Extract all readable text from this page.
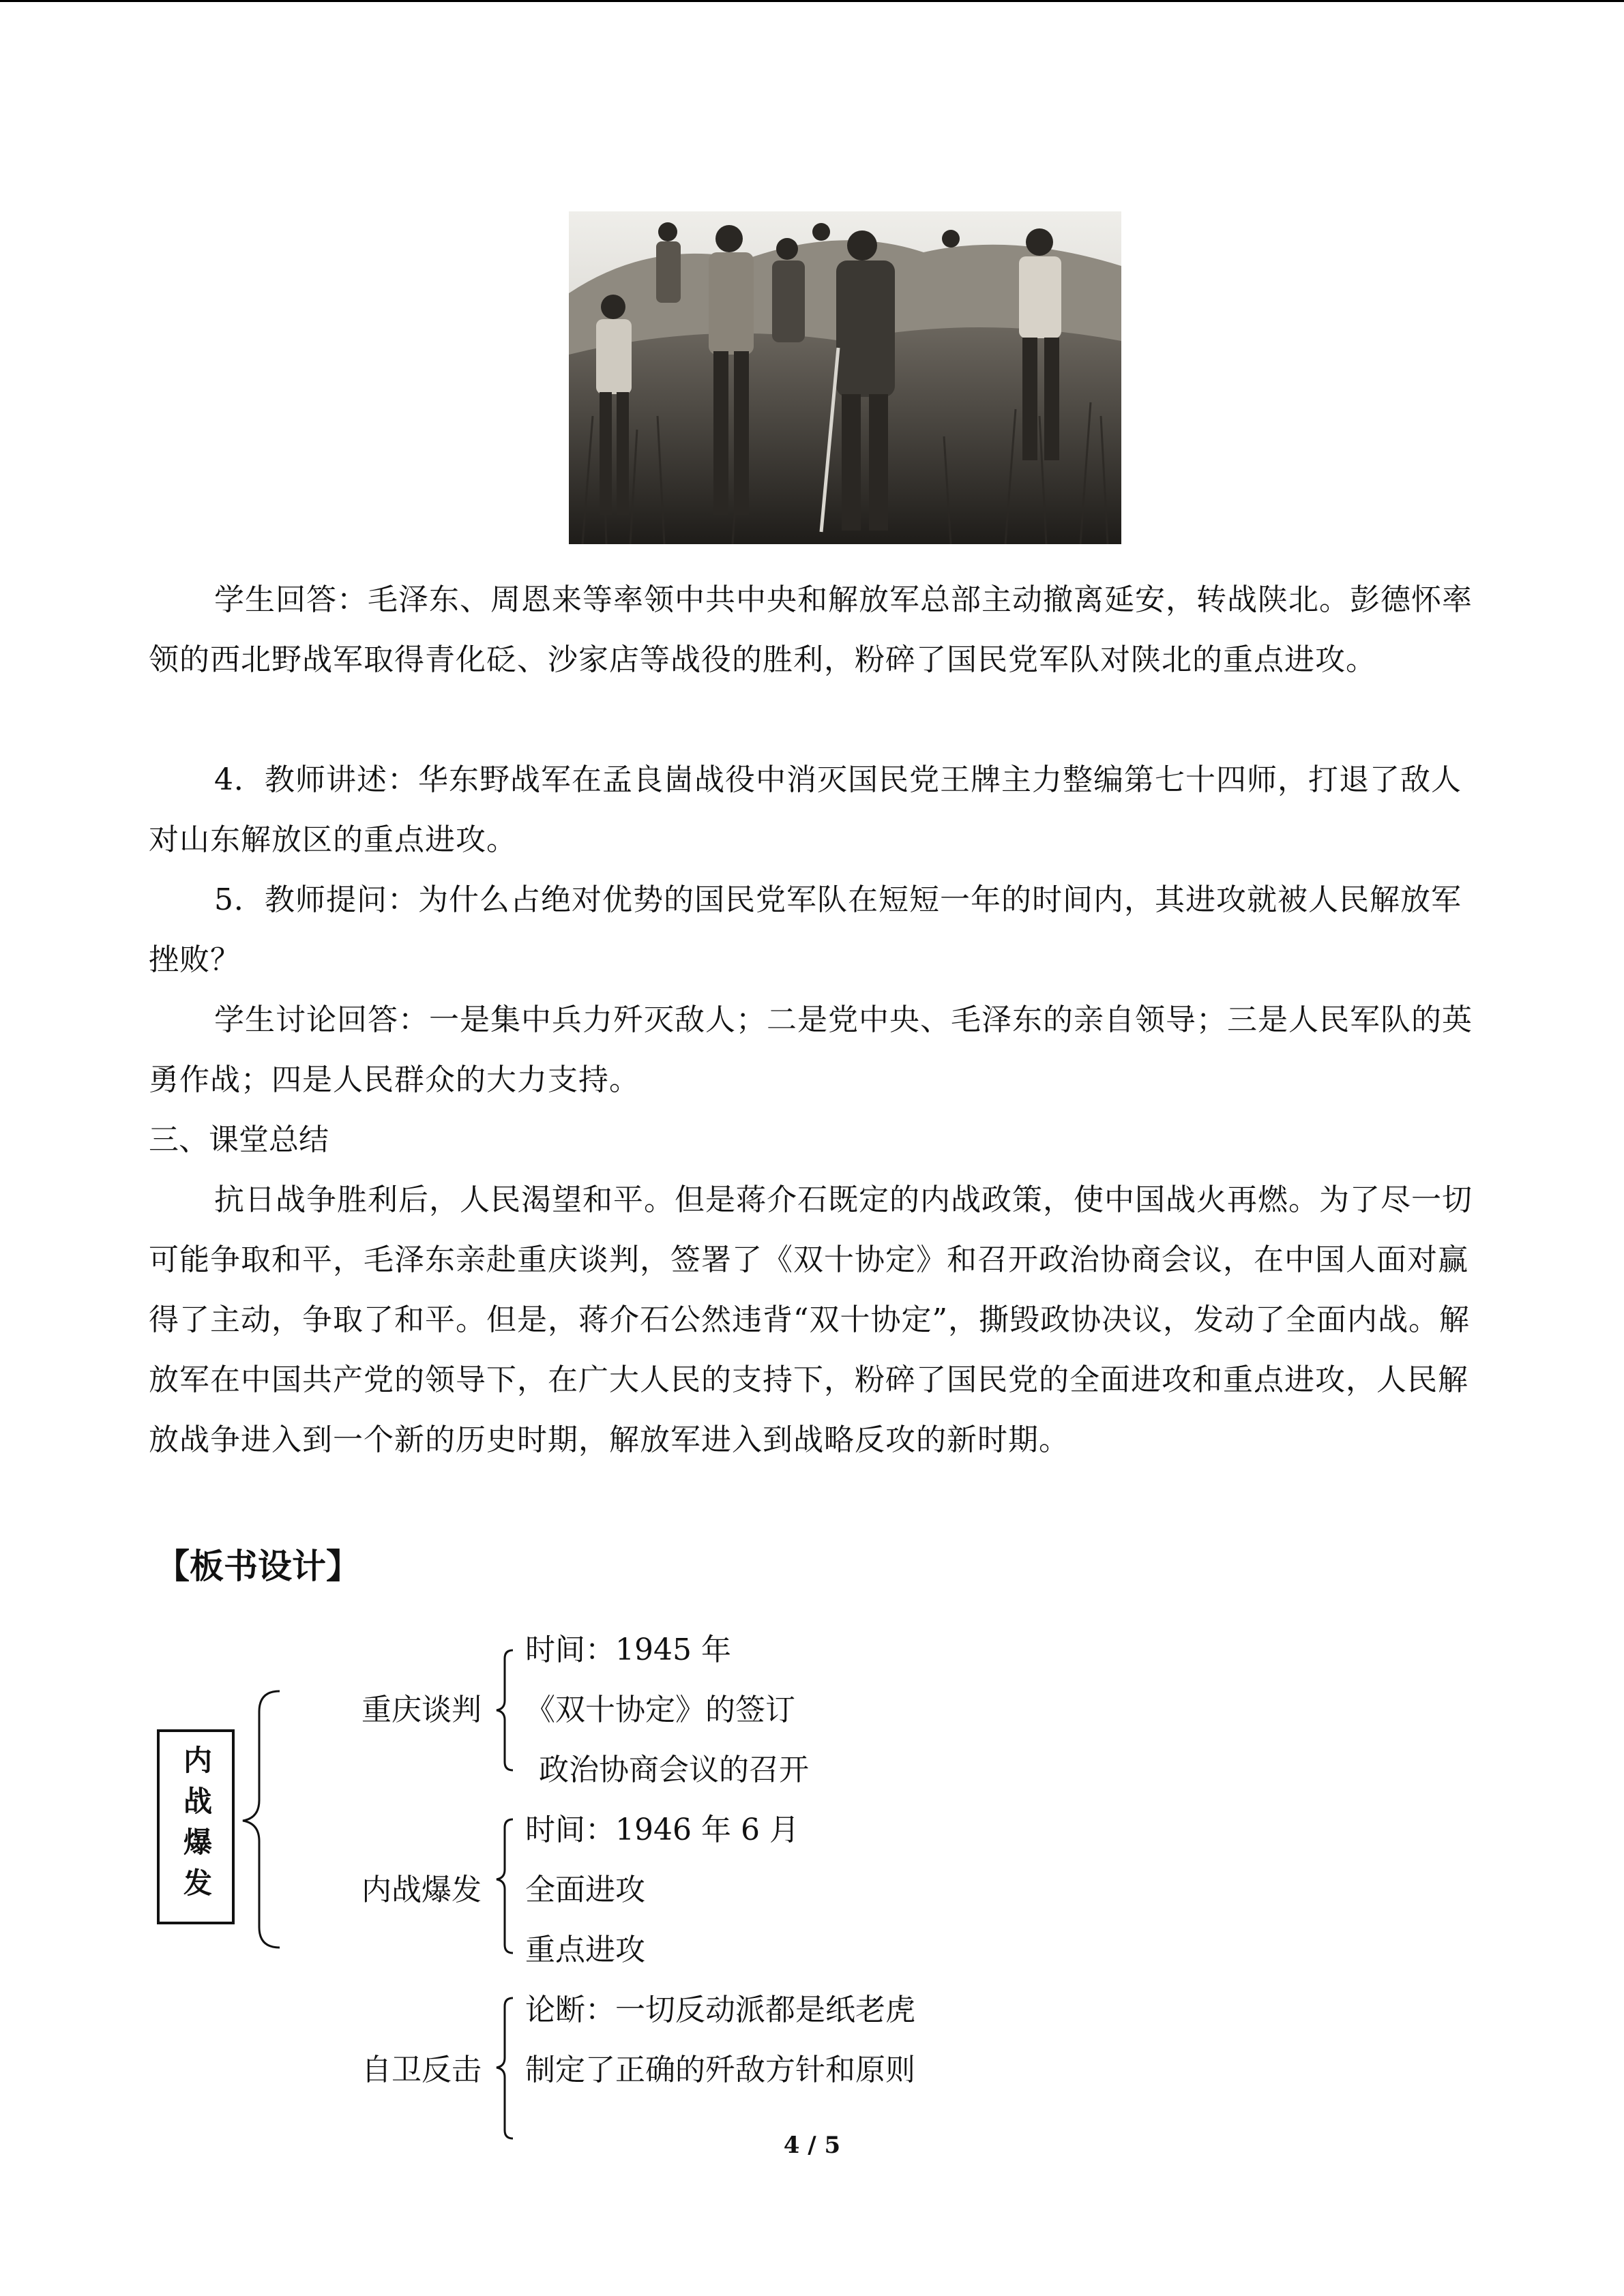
学生回答：毛泽东、周恩来等率领中共中央和解放军总部主动撤离延安，转战陕北。彭德怀率领的西北野战军取得青化砭、沙家店等战役的胜利，粉碎了国民党军队对陕北的重点进攻。

4．教师讲述：华东野战军在孟良崮战役中消灭国民党王牌主力整编第七十四师，打退了敌人对山东解放区的重点进攻。

5．教师提问：为什么占绝对优势的国民党军队在短短一年的时间内，其进攻就被人民解放军挫败？

学生讨论回答：一是集中兵力歼灭敌人；二是党中央、毛泽东的亲自领导；三是人民军队的英勇作战；四是人民群众的大力支持。

三、课堂总结

抗日战争胜利后，人民渴望和平。但是蒋介石既定的内战政策，使中国战火再燃。为了尽一切可能争取和平，毛泽东亲赴重庆谈判，签署了《双十协定》和召开政治协商会议，在中国人面对赢得了主动，争取了和平。但是，蒋介石公然违背“双十协定”，撕毁政协决议，发动了全面内战。解放军在中国共产党的领导下，在广大人民的支持下，粉碎了国民党的全面进攻和重点进攻，人民解放战争进入到一个新的历史时期，解放军进入到战略反攻的新时期。

【板书设计】

内战爆发
重庆谈判
时间：1945 年
《双十协定》的签订
政治协商会议的召开
内战爆发
时间：1946 年 6 月
全面进攻
重点进攻
自卫反击
论断：一切反动派都是纸老虎
制定了正确的歼敌方针和原则
4 / 5
